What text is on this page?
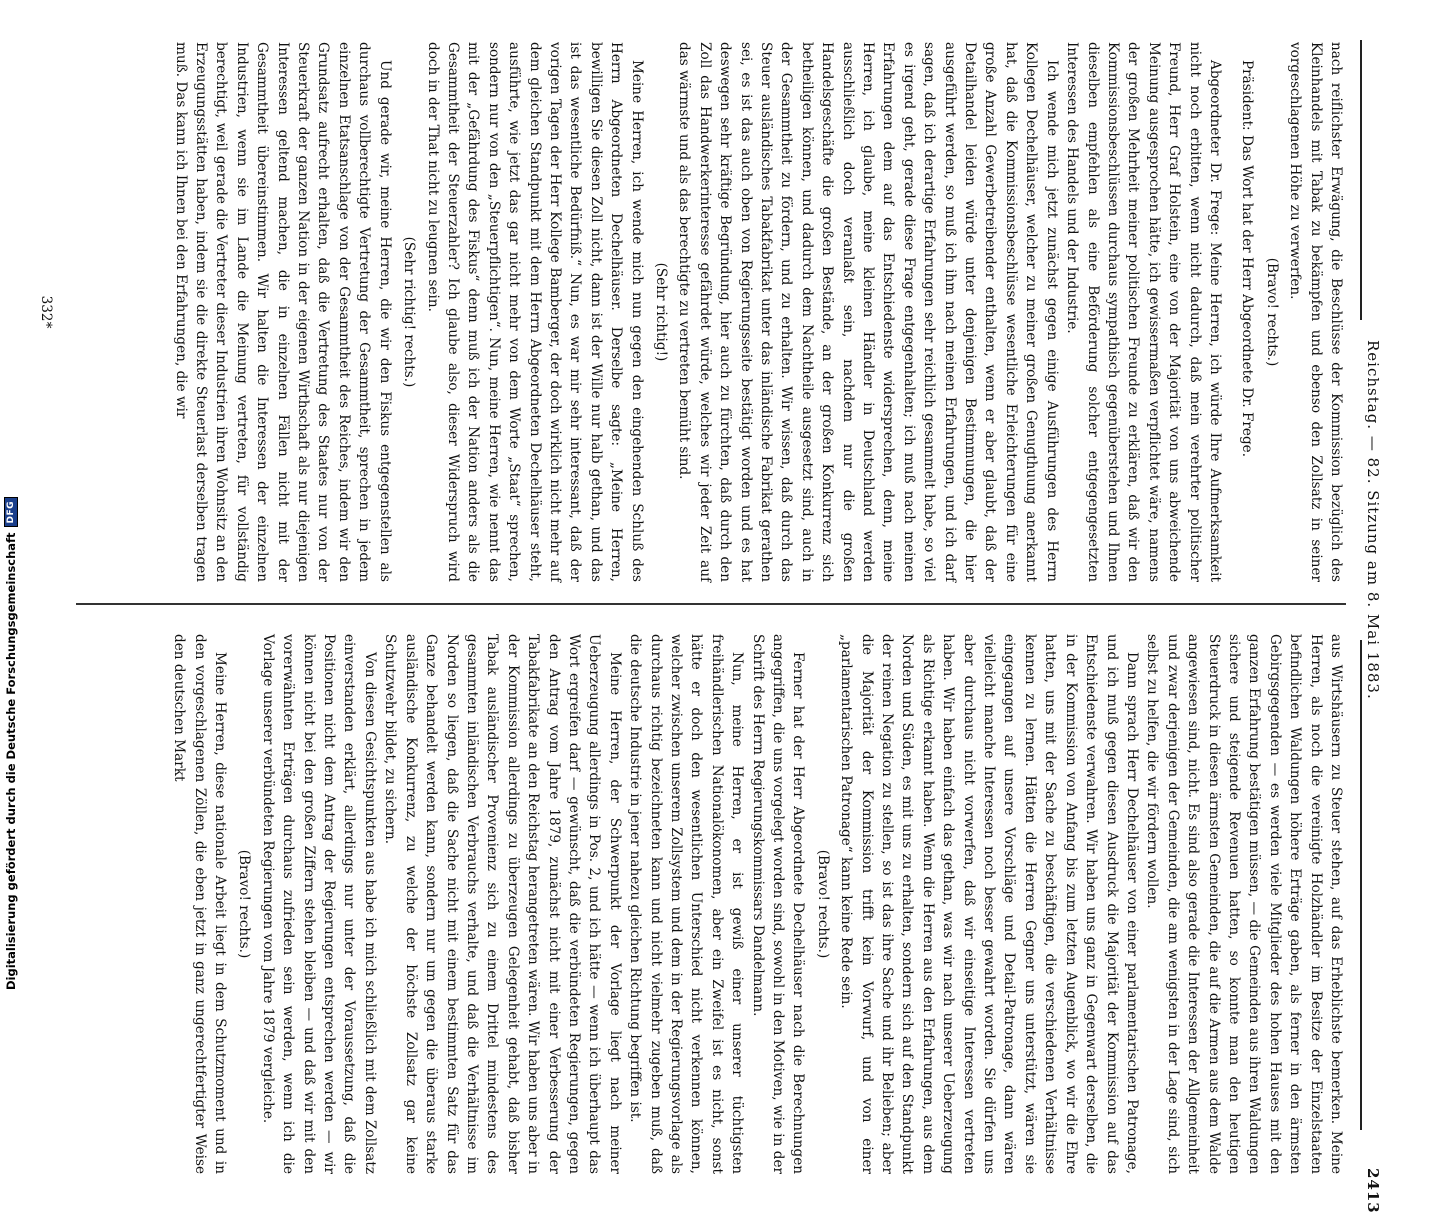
Reichstag. — 82. Sitzung am 8. Mai 1883.
2413

nach reiflichster Erwägung, die Beschlüsse der Kommission bezüglich des Kleinhandels mit Tabak zu bekämpfen und ebenso den Zollsatz in seiner vorgeschlagenen Höhe zu verwerfen.

(Bravo! rechts.)

Präsident: Das Wort hat der Herr Abgeordnete Dr. Frege.

Abgeordneter Dr. Frege: Meine Herren, ich würde Ihre Aufmerksamkeit nicht noch erbitten, wenn nicht dadurch, daß mein verehrter politischer Freund, Herr Graf Holstein, eine von der Majorität von uns abweichende Meinung ausgesprochen hätte, ich gewissermaßen verpflichtet wäre, namens der großen Mehrheit meiner politischen Freunde zu erklären, daß wir den Kommissionsbeschlüssen durchaus sympathisch gegenüberstehen und Ihnen dieselben empfehlen als eine Beförderung solcher entgegengesetzten Interessen des Handels und der Industrie.

Ich wende mich jetzt zunächst gegen einige Ausführungen des Herrn Kollegen Dechelhäuser, welcher zu meiner großen Genugthuung anerkannt hat, daß die Kommissionsbeschlüsse wesentliche Erleichterungen für eine große Anzahl Gewerbetreibender enthalten, wenn er aber glaubt, daß der Detailhandel leiden würde unter denjenigen Bestimmungen, die hier ausgeführt werden, so muß ich ihm nach meinen Erfahrungen, und ich darf sagen, daß ich derartige Erfahrungen sehr reichlich gesammelt habe, so viel es irgend geht, gerade diese Frage entgegenhalten; ich muß nach meinen Erfahrungen dem auf das Entschiedenste widersprechen, denn, meine Herren, ich glaube, meine kleinen Händler in Deutschland werden ausschließlich doch veranlaßt sein, nachdem nur die großen Handelsgeschäfte die großen Bestände, an der großen Konkurrenz sich betheiligen können, und dadurch dem Nachtheile ausgesetzt sind, auch in der Gesammtheit zu fördern, und zu erhalten. Wir wissen, daß durch das Steuer ausländisches Tabakfabrikat unter das inländische Fabrikat gerathen sei, es ist das auch oben von Regierungsseite bestätigt worden und es hat deswegen sehr kräftige Begründung, hier auch zu fürchten, daß durch den Zoll das Handwerkerinteresse gefährdet würde, welches wir jeder Zeit auf das wärmste und als das berechtigte zu vertreten bemüht sind.

(Sehr richtig!)

Meine Herren, ich wende mich nun gegen den eingehenden Schluß des Herrn Abgeordneten Dechelhäuser. Derselbe sagte: „Meine Herren, bewilligen Sie diesen Zoll nicht, dann ist der Wille nur halb gethan, und das ist das wesentliche Bedürfniß.“ Nun, es war mir sehr interessant, daß der vorigen Tagen der Herr Kollege Bamberger, der doch wirklich nicht mehr auf dem gleichen Standpunkt mit dem Herrn Abgeordneten Dechelhäuser steht, ausführte, wie jetzt das gar nicht mehr von dem Worte „Staat“ sprechen, sondern nur von den „Steuerpflichtigen“. Nun, meine Herren, wie nennt das mit der „Gefährdung des Fiskus“ denn muß ich der Nation anders als die Gesammtheit der Steuerzahler? Ich glaube also, dieser Widerspruch wird doch in der That nicht zu leugnen sein.

(Sehr richtig! rechts.)

Und gerade wir, meine Herren, die wir den Fiskus entgegenstellen als durchaus vollberechtigte Vertretung der Gesammtheit, sprechen in jedem einzelnen Etatsanschlage von der Gesammtheit des Reiches, indem wir den Grundsatz aufrecht erhalten, daß die Vertretung des Staates nur von der Steuerkraft der ganzen Nation in der eigenen Wirthschaft als nur diejenigen Interessen geltend machen, die in einzelnen Fällen nicht mit der Gesammtheit übereinstimmen. Wir halten die Interessen der einzelnen Industrien, wenn sie im Lande die Meinung vertreten, für vollständig berechtigt, weil gerade die Vertreter dieser Industrien ihren Wohnsitz an den Erzeugungsstätten haben, indem sie die direkte Steuerlast derselben tragen muß. Das kann ich Ihnen bei den Erfahrungen, die wir

332*

aus Wirtshäusern zu Steuer stehen, auf das Erheblichste bemerken. Meine Herren, als noch die vereinigte Holzhändler im Besitze der Einzelstaaten befindlichen Waldungen höhere Erträge gaben, als ferner in den ärmsten Gebirgsgegenden — es werden viele Mitglieder des hohen Hauses mit den ganzen Erfahrung bestätigen müssen, — die Gemeinden aus ihren Waldungen sichere und steigende Revenuen hatten, so konnte man den heutigen Steuerdruck in diesen ärmsten Gemeinden, die auf die Armen aus dem Walde angewiesen sind, nicht. Es sind also gerade die Interessen der Allgemeinheit und zwar derjenigen der Gemeinden, die am wenigsten in der Lage sind, sich selbst zu helfen, die wir fördern wollen.

Dann sprach Herr Dechelhäuser von einer parlamentarischen Patronage, und ich muß gegen diesen Ausdruck die Majorität der Kommission auf das Entschiedenste verwahren. Wir haben uns ganz in Gegenwart derselben, die in der Kommission von Anfang bis zum letzten Augenblick, wo wir die Ehre hatten, uns mit der Sache zu beschäftigen, die verschiedenen Verhältnisse kennen zu lernen. Hätten die Herren Gegner uns unterstützt, wären sie eingegangen auf unsere Vorschläge und Detail-Patronage, dann wären vielleicht manche Interessen noch besser gewahrt worden. Sie dürfen uns aber durchaus nicht vorwerfen, daß wir einseitige Interessen vertreten haben. Wir haben einfach das gethan, was wir nach unserer Ueberzeugung als Richtige erkannt haben. Wenn die Herren aus den Erfahrungen, aus dem Norden und Süden, es mit uns zu erhalten, sondern sich auf den Standpunkt der reinen Negation zu stellen, so ist das ihre Sache und ihr Belieben; aber die Majorität der Kommission trifft kein Vorwurf, und von einer „parlamentarischen Patronage“ kann keine Rede sein.

(Bravo! rechts.)

Ferner hat der Herr Abgeordnete Dechelhäuser nach die Berechnungen angegriffen, die uns vorgelegt worden sind, sowohl in den Motiven, wie in der Schrift des Herrn Regierungskommissars Dandelmann.

Nun, meine Herren, er ist gewiß einer unserer tüchtigsten freihändlerischen Nationalökonomen, aber ein Zweifel ist es nicht, sonst hätte er doch den wesentlichen Unterschied nicht verkennen können, welcher zwischen unserem Zollsystem und dem in der Regierungsvorlage als durchaus richtig bezeichneten kann und nicht vielmehr zugeben muß, daß die deutsche Industrie in jener nahezu gleichen Richtung begriffen ist.

Meine Herren, der Schwerpunkt der Vorlage liegt nach meiner Ueberzeugung allerdings in Pos. 2, und ich hätte — wenn ich überhaupt das Wort ergreifen darf — gewünscht, daß die verbündeten Regierungen, gegen den Antrag vom Jahre 1879, zunächst nicht mit einer Verbesserung der Tabakfabrikate an den Reichstag herangetreten wären. Wir haben uns aber in der Kommission allerdings zu überzeugen Gelegenheit gehabt, daß bisher Tabak ausländischer Provenienz sich zu einem Drittel mindestens des gesammten inländischen Verbrauchs verhalte, und daß die Verhältnisse im Norden so liegen, daß die Sache nicht mit einem bestimmten Satz für das Ganze behandelt werden kann, sondern nur um gegen die überaus starke ausländische Konkurrenz, zu welche der höchste Zollsatz gar keine Schutzwehr bildet, zu sichern.

Von diesen Gesichtspunkten aus habe ich mich schließlich mit dem Zollsatz einverstanden erklärt, allerdings nur unter der Voraussetzung, daß die Positionen nicht dem Antrag der Regierungen entsprechen werden — wir können nicht bei den großen Ziffern stehen bleiben — und daß wir mit den vorerwähnten Erträgen durchaus zufrieden sein werden, wenn ich die Vorlage unserer verbündeten Regierungen vom Jahre 1879 vergleiche.

(Bravo! rechts.)

Meine Herren, diese nationale Arbeit liegt in dem Schutzmoment und in den vorgeschlagenen Zöllen, die eben jetzt in ganz ungerechtfertigter Weise den deutschen Markt

Digitalisierung gefördert durch die Deutsche Forschungsgemeinschaft
DFG
